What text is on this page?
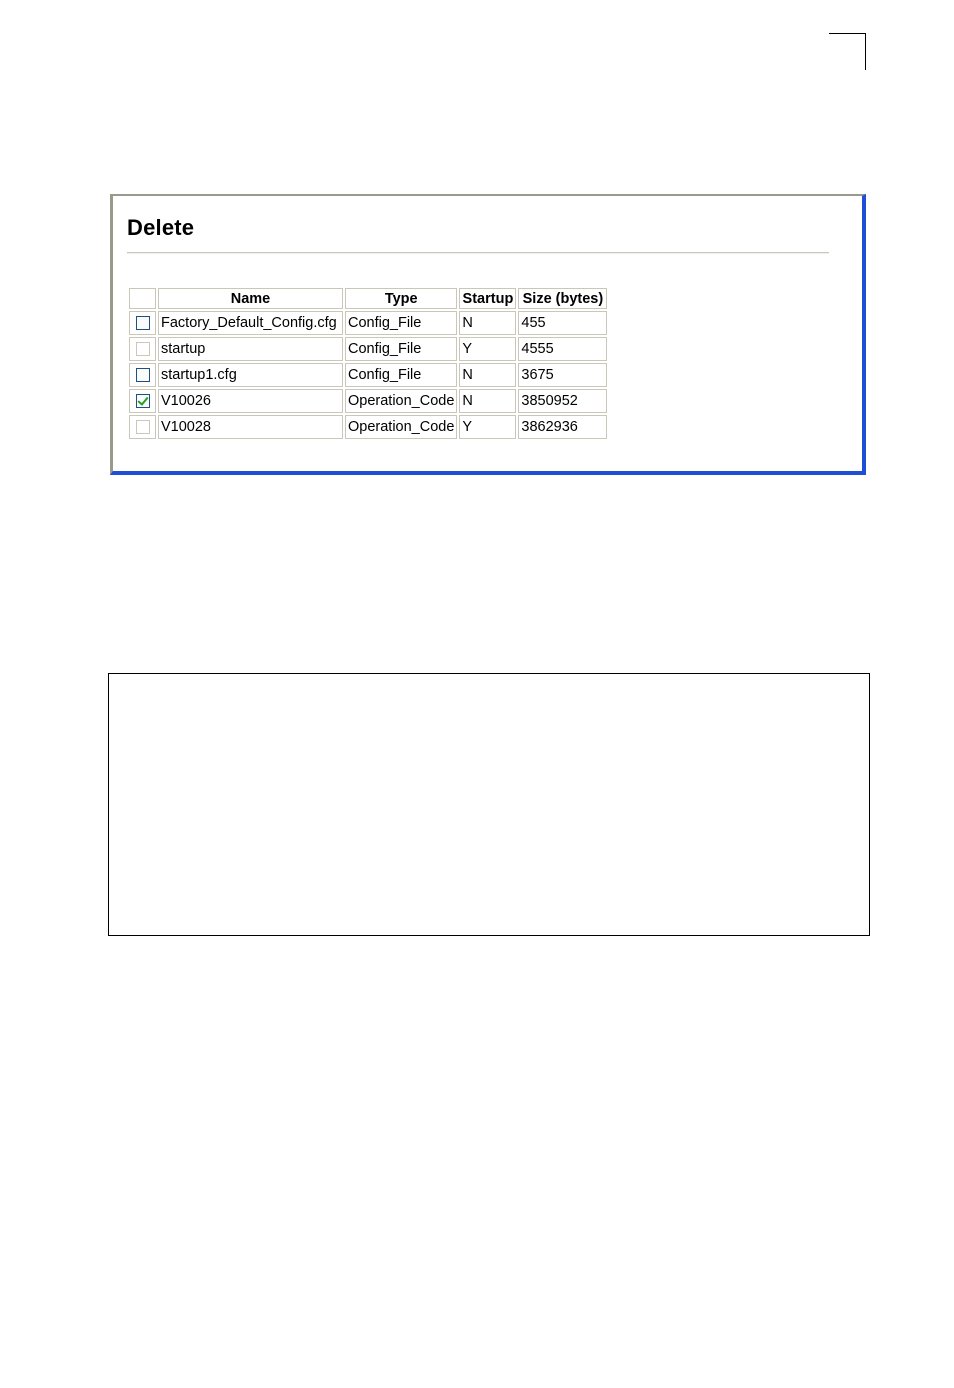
Delete
	Name	Type	Startup	Size (bytes)
	Factory_Default_Config.cfg	Config_File	N	455
	startup	Config_File	Y	4555
	startup1.cfg	Config_File	N	3675
	V10026	Operation_Code	N	3850952
	V10028	Operation_Code	Y	3862936
